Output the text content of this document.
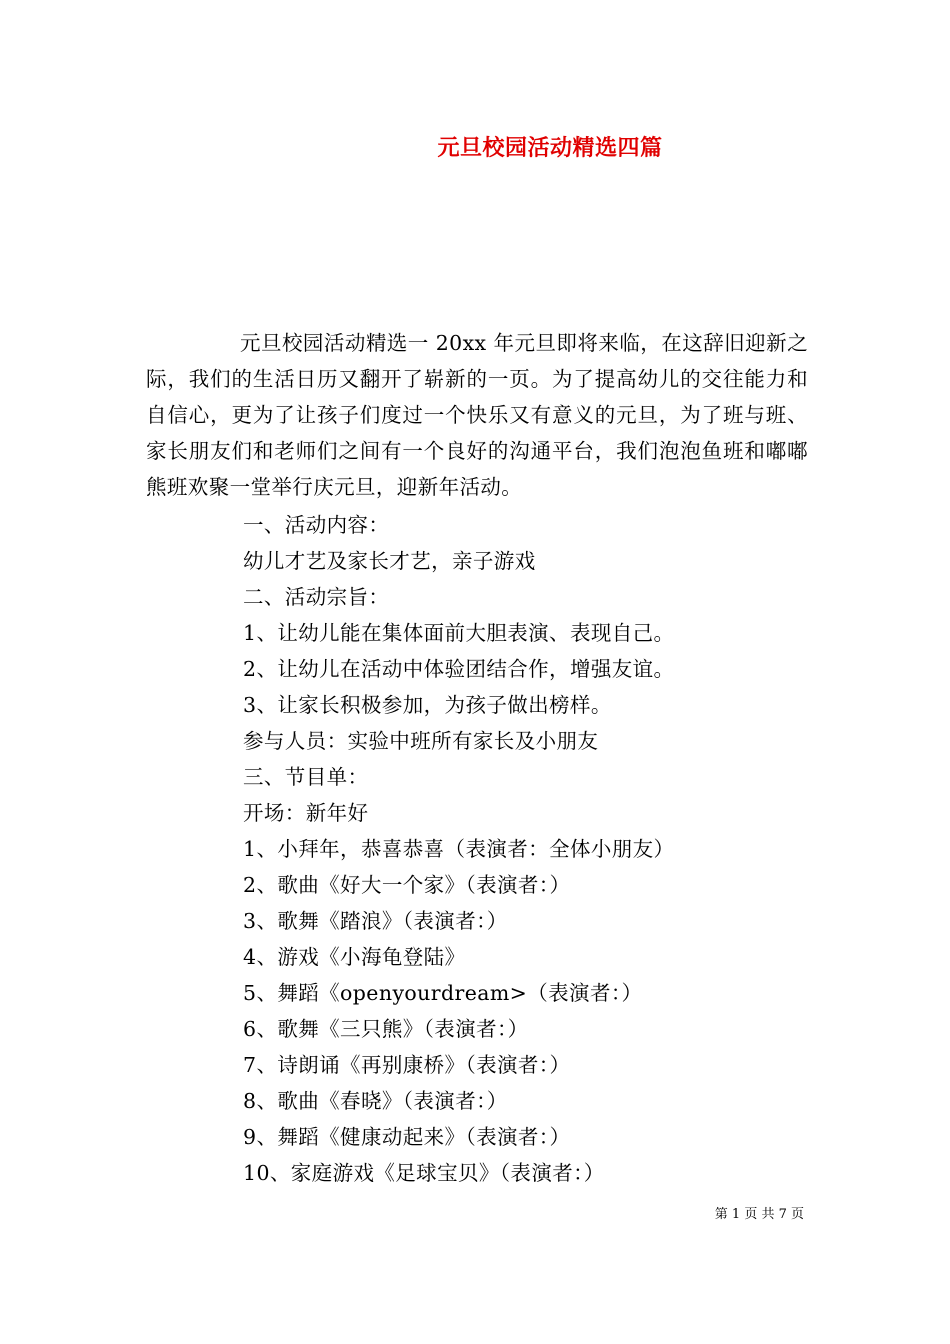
元旦校园活动精选四篇

元旦校园活动精选一 20xx 年元旦即将来临，在这辞旧迎新之际，我们的生活日历又翻开了崭新的一页。为了提高幼儿的交往能力和自信心，更为了让孩子们度过一个快乐又有意义的元旦，为了班与班、家长朋友们和老师们之间有一个良好的沟通平台，我们泡泡鱼班和嘟嘟熊班欢聚一堂举行庆元旦，迎新年活动。

一、活动内容：
幼儿才艺及家长才艺，亲子游戏
二、活动宗旨：
1、让幼儿能在集体面前大胆表演、表现自己。
2、让幼儿在活动中体验团结合作，增强友谊。
3、让家长积极参加，为孩子做出榜样。
参与人员：实验中班所有家长及小朋友
三、节目单：
开场：新年好
1、小拜年，恭喜恭喜（表演者：全体小朋友）
2、歌曲《好大一个家》（表演者：）
3、歌舞《踏浪》（表演者：）
4、游戏《小海龟登陆》
5、舞蹈《openyourdream>（表演者：）
6、歌舞《三只熊》（表演者：）
7、诗朗诵《再别康桥》（表演者：）
8、歌曲《春晓》（表演者：）
9、舞蹈《健康动起来》（表演者：）
10、家庭游戏《足球宝贝》（表演者：）
第 1 页 共 7 页
